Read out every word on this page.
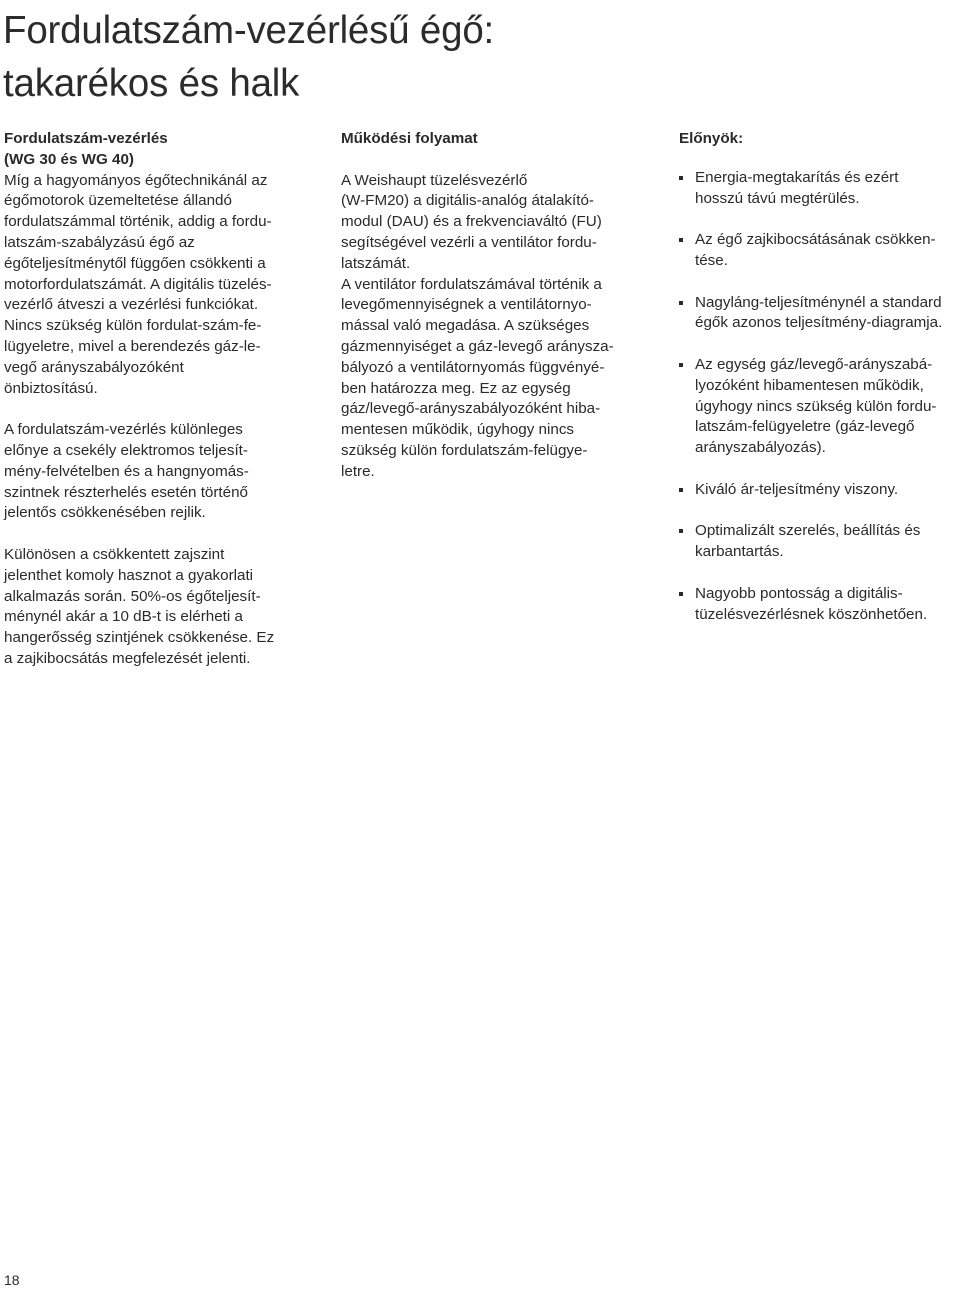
Fordulatszám-vezérlésű égő:
takarékos és halk
Fordulatszám-vezérlés
(WG 30 és WG 40)
Míg a hagyományos égőtechnikánál az
égőmotorok üzemeltetése állandó
fordulatszámmal történik, addig a fordu-
latszám-szabályzású égő az
égőteljesítménytől függően csökkenti a
motorfordulatszámát. A digitális tüzelés-
vezérlő átveszi a vezérlési funkciókat.
Nincs szükség külön fordulat-szám-fe-
lügyeletre, mivel a berendezés gáz-le-
vegő arányszabályozóként
önbiztosítású.
A fordulatszám-vezérlés különleges
előnye a csekély elektromos teljesít-
mény-felvételben és a hangnyomás-
szintnek részterhelés esetén történő
jelentős csökkenésében rejlik.
Különösen a csökkentett zajszint
jelenthet komoly hasznot a gyakorlati
alkalmazás során. 50%-os égőteljesít-
ménynél akár a 10 dB-t is elérheti a
hangerősség szintjének csökkenése. Ez
a zajkibocsátás megfelezését jelenti.
Működési folyamat
A Weishaupt tüzelésvezérlő
(W-FM20) a digitális-analóg átalakító-
modul (DAU) és a frekvenciaváltó (FU)
segítségével vezérli a ventilátor fordu-
latszámát.
A ventilátor fordulatszámával történik a
levegőmennyiségnek a ventilátornyo-
mással való megadása. A szükséges
gázmennyiséget a gáz-levegő aránysza-
bályozó a ventilátornyomás függvényé-
ben határozza meg. Ez az egység
gáz/levegő-arányszabályozóként hiba-
mentesen működik, úgyhogy nincs
szükség külön fordulatszám-felügye-
letre.
Előnyök:
Energia-megtakarítás és ezért
hosszú távú megtérülés.
Az égő zajkibocsátásának csökken-
tése.
Nagyláng-teljesítménynél a standard
égők azonos teljesítmény-diagramja.
Az egység gáz/levegő-arányszabá-
lyozóként hibamentesen működik,
úgyhogy nincs szükség külön fordu-
latszám-felügyeletre (gáz-levegő
arányszabályozás).
Kiváló ár-teljesítmény viszony.
Optimalizált szerelés, beállítás és
karbantartás.
Nagyobb pontosság a digitális-
tüzelésvezérlésnek köszönhetően.
18
